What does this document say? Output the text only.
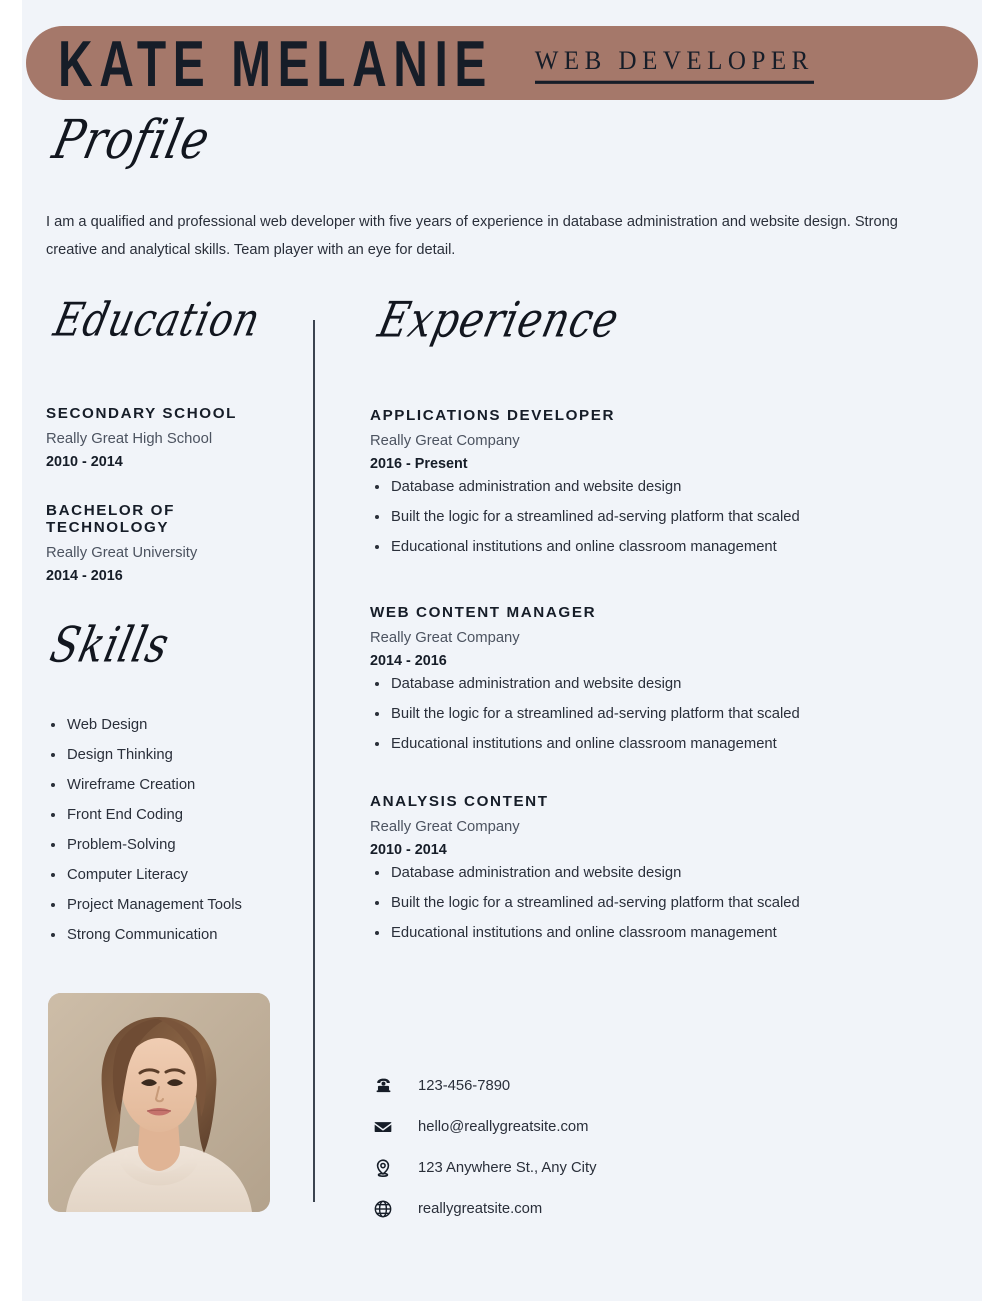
KATE MELANIE WEB DEVELOPER
Profile

I am a qualified and professional web developer with five years of experience in database administration and website design. Strong creative and analytical skills. Team player with an eye for detail.

Education
SECONDARY SCHOOL
Really Great High School
2010 - 2014
BACHELOR OF TECHNOLOGY
Really Great University
2014 - 2016
Skills
Web Design
Design Thinking
Wireframe Creation
Front End Coding
Problem-Solving
Computer Literacy
Project Management Tools
Strong Communication
Experience
APPLICATIONS DEVELOPER
Really Great Company
2016 - Present
Database administration and website design
Built the logic for a streamlined ad-serving platform that scaled
Educational institutions and online classroom management
WEB CONTENT MANAGER
Really Great Company
2014 - 2016
Database administration and website design
Built the logic for a streamlined ad-serving platform that scaled
Educational institutions and online classroom management
ANALYSIS CONTENT
Really Great Company
2010 - 2014
Database administration and website design
Built the logic for a streamlined ad-serving platform that scaled
Educational institutions and online classroom management
123-456-7890
hello@reallygreatsite.com
123 Anywhere St., Any City
reallygreatsite.com
